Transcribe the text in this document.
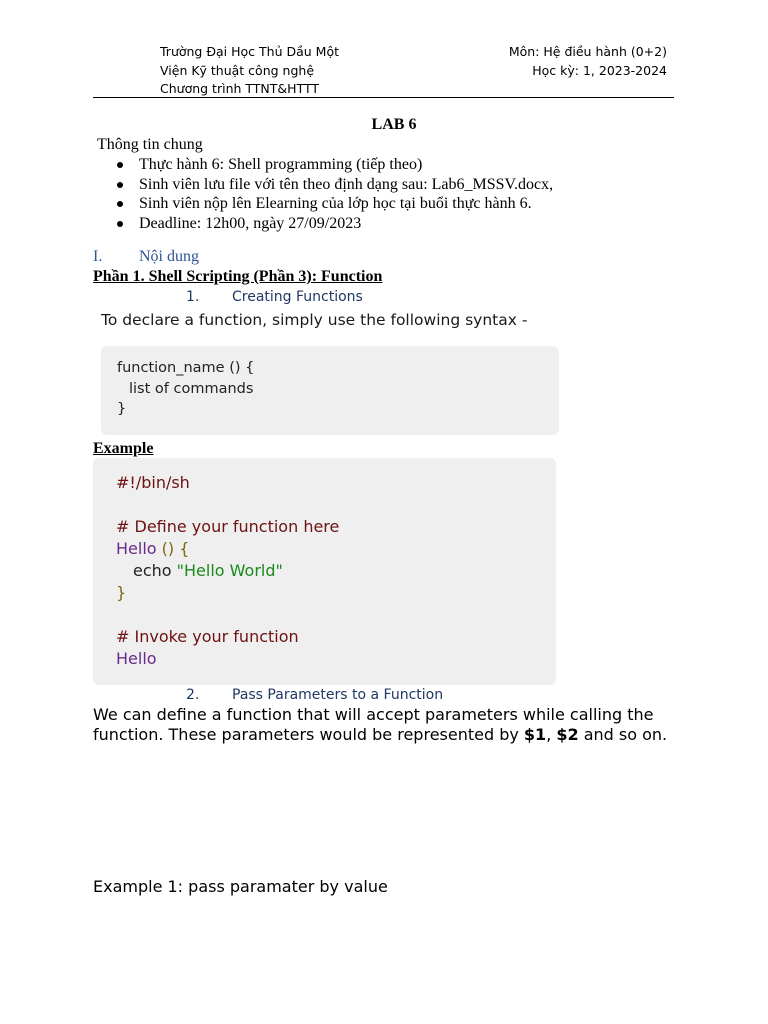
Trường Đại Học Thủ Dầu Một
Viện Kỹ thuật công nghệ
Chương trình TTNT&HTTT
Môn: Hệ điều hành (0+2)
Học kỳ: 1, 2023-2024
LAB 6
Thông tin chung
Thực hành 6: Shell programming (tiếp theo)
Sinh viên lưu file với tên theo định dạng sau: Lab6_MSSV.docx,
Sinh viên nộp lên Elearning của lớp học tại buổi thực hành 6.
Deadline: 12h00, ngày 27/09/2023
I. Nội dung
Phần 1. Shell Scripting (Phần 3): Function
1. Creating Functions
To declare a function, simply use the following syntax -
function_name () {
list of commands
}
Example
#!/bin/sh
# Define your function here
Hello () {
echo "Hello World"
}
# Invoke your function
Hello
2. Pass Parameters to a Function
We can define a function that will accept parameters while calling the function. These parameters would be represented by $1, $2 and so on.
Example 1: pass paramater by value
